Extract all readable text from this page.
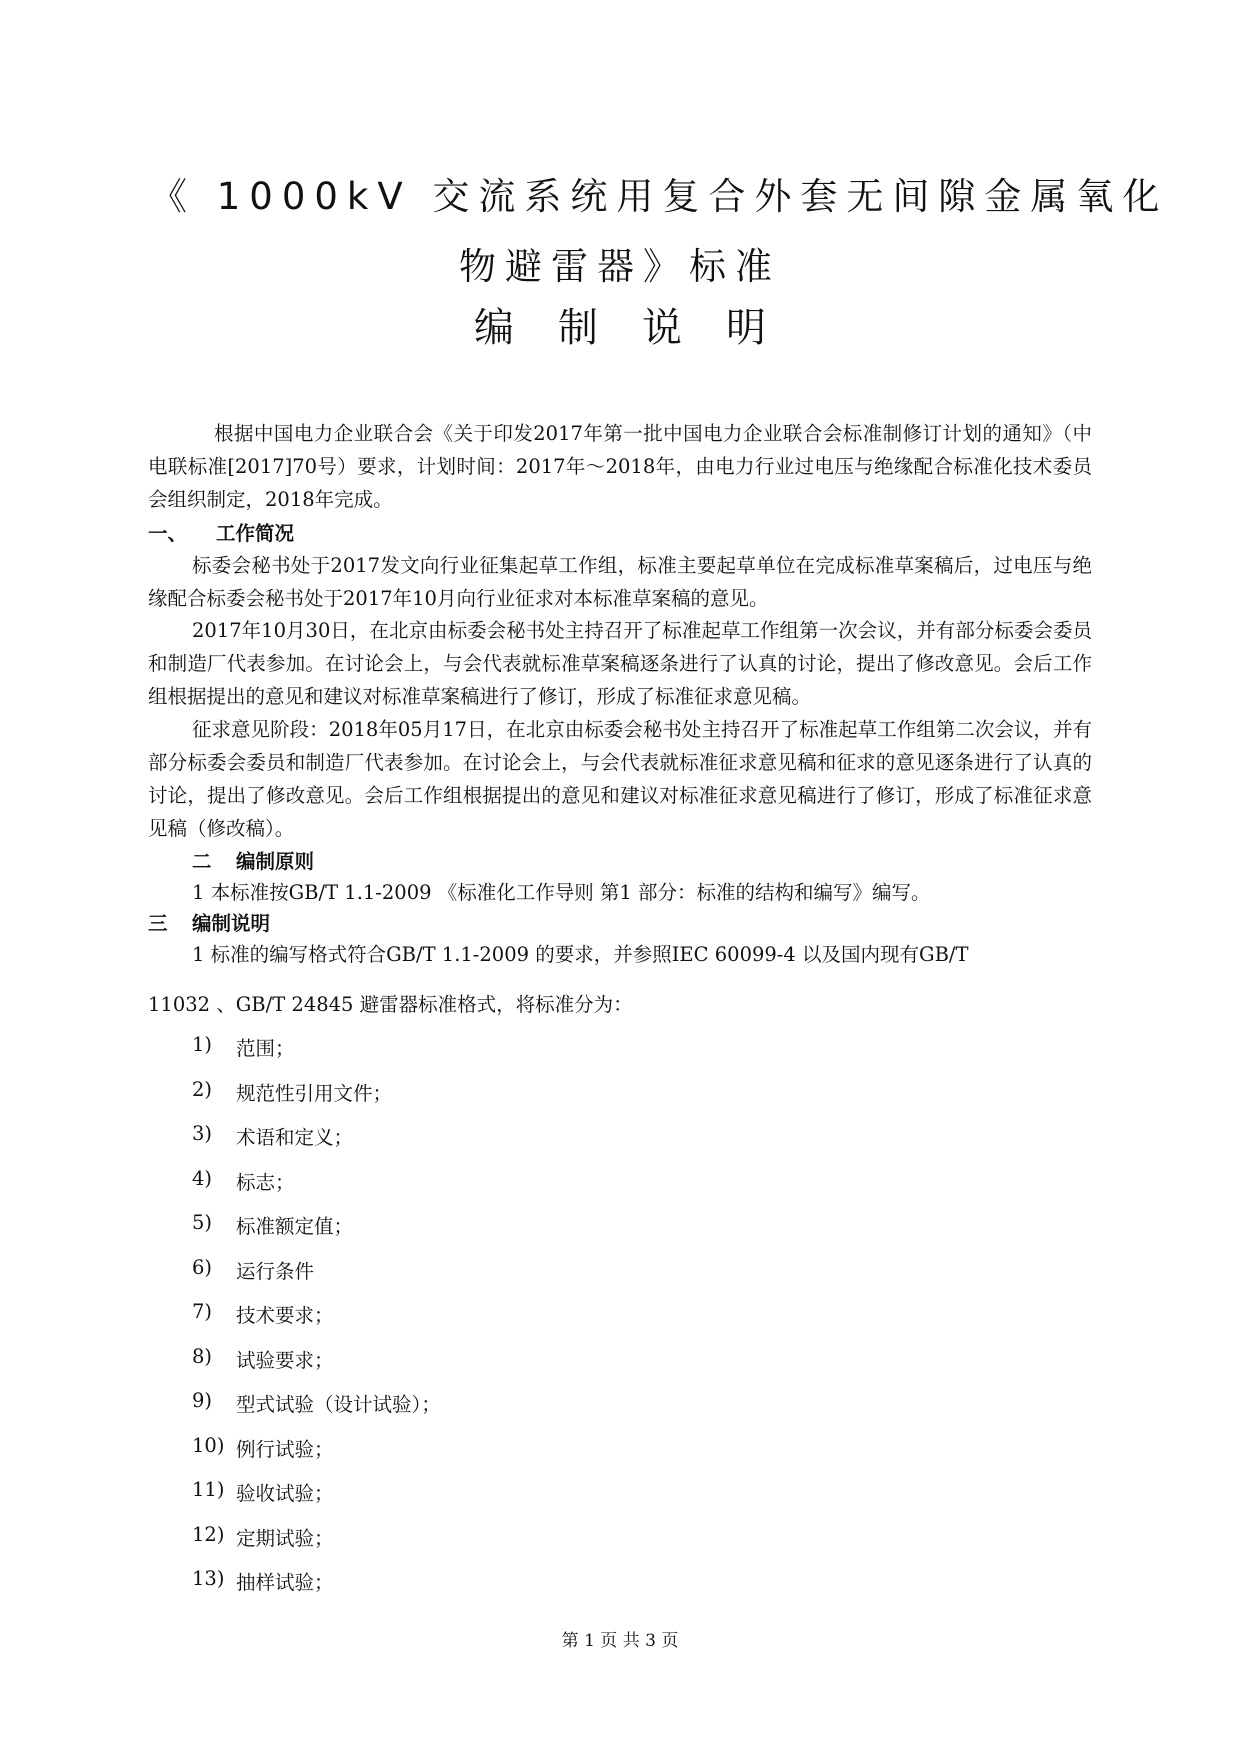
《 1000kV 交流系统用复合外套无间隙金属氧化
物避雷器》标准
编制说明
根据中国电力企业联合会《关于印发2017年第一批中国电力企业联合会标准制修订计划的通知》（中电联标准[2017]70号）要求，计划时间：2017年～2018年，由电力行业过电压与绝缘配合标准化技术委员会组织制定，2018年完成。
一、 工作简况
标委会秘书处于2017发文向行业征集起草工作组，标准主要起草单位在完成标准草案稿后，过电压与绝缘配合标委会秘书处于2017年10月向行业征求对本标准草案稿的意见。
2017年10月30日，在北京由标委会秘书处主持召开了标准起草工作组第一次会议，并有部分标委会委员和制造厂代表参加。在讨论会上，与会代表就标准草案稿逐条进行了认真的讨论，提出了修改意见。会后工作组根据提出的意见和建议对标准草案稿进行了修订，形成了标准征求意见稿。
征求意见阶段：2018年05月17日，在北京由标委会秘书处主持召开了标准起草工作组第二次会议，并有部分标委会委员和制造厂代表参加。在讨论会上，与会代表就标准征求意见稿和征求的意见逐条进行了认真的讨论，提出了修改意见。会后工作组根据提出的意见和建议对标准征求意见稿进行了修订，形成了标准征求意见稿（修改稿）。
二 编制原则
1 本标准按GB/T 1.1-2009 《标准化工作导则 第1 部分：标准的结构和编写》编写。
三 编制说明
1 标准的编写格式符合GB/T 1.1-2009 的要求，并参照IEC 60099-4 以及国内现有GB/T
11032 、GB/T 24845 避雷器标准格式，将标准分为：
1)	范围；
2)	规范性引用文件；
3)	术语和定义；
4)	标志；
5)	标准额定值；
6)	运行条件
7)	技术要求；
8)	试验要求；
9)	型式试验（设计试验）；
10) 例行试验；
11) 验收试验；
12) 定期试验；
13) 抽样试验；
第 1 页 共 3 页
